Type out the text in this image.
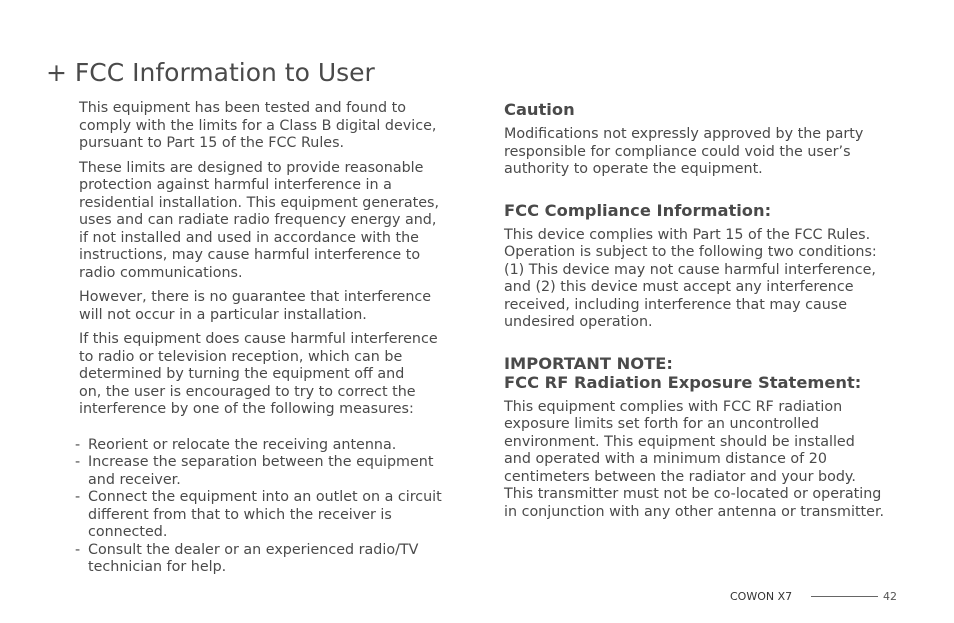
+ FCC Information to User

This equipment has been tested and found to
comply with the limits for a Class B digital device,
pursuant to Part 15 of the FCC Rules.

These limits are designed to provide reasonable
protection against harmful interference in a
residential installation. This equipment generates,
uses and can radiate radio frequency energy and,
if not installed and used in accordance with the
instructions, may cause harmful interference to
radio communications.

However, there is no guarantee that interference
will not occur in a particular installation.

If this equipment does cause harmful interference
to radio or television reception, which can be
determined by turning the equipment off and
on, the user is encouraged to try to correct the
interference by one of the following measures:

- Reorient or relocate the receiving antenna.
- Increase the separation between the equipment
and receiver.
- Connect the equipment into an outlet on a circuit
different from that to which the receiver is
connected.
- Consult the dealer or an experienced radio/TV
technician for help.
Caution

Modifications not expressly approved by the party
responsible for compliance could void the user’s
authority to operate the equipment.

FCC Compliance Information:

This device complies with Part 15 of the FCC Rules.
Operation is subject to the following two conditions:
(1) This device may not cause harmful interference,
and (2) this device must accept any interference
received, including interference that may cause
undesired operation.

IMPORTANT NOTE:
FCC RF Radiation Exposure Statement:

This equipment complies with FCC RF radiation
exposure limits set forth for an uncontrolled
environment. This equipment should be installed
and operated with a minimum distance of 20
centimeters between the radiator and your body.
This transmitter must not be co-located or operating
in conjunction with any other antenna or transmitter.

COWON X7	42
